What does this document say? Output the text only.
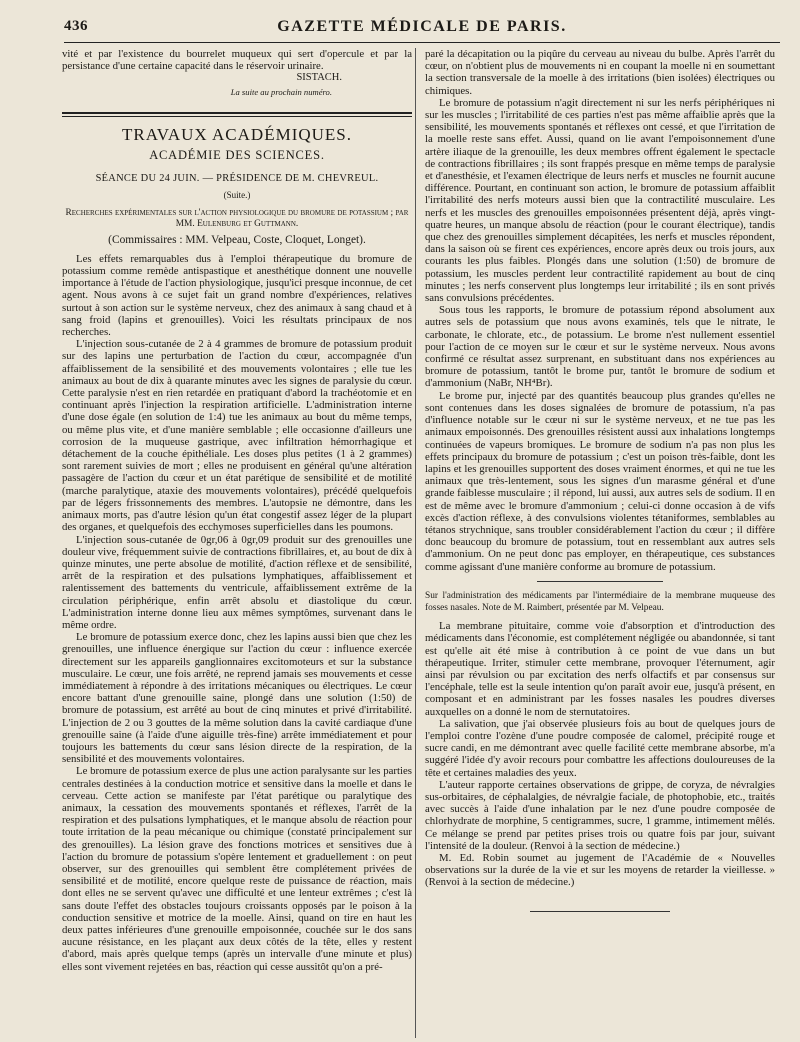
436	GAZETTE MÉDICALE DE PARIS.

vité et par l'existence du bourrelet muqueux qui sert d'opercule et par la persistance d'une certaine capacité dans le réservoir urinaire.

SISTACH.

La suite au prochain numéro.

TRAVAUX ACADÉMIQUES.
ACADÉMIE DES SCIENCES.
SÉANCE DU 24 JUIN. — PRÉSIDENCE DE M. CHEVREUL.
(Suite.)
Recherches expérimentales sur l'action physiologique du bromure de potassium ; par MM. Eulenburg et Guttmann.
(Commissaires : MM. Velpeau, Coste, Cloquet, Longet).

Les effets remarquables dus à l'emploi thérapeutique du bromure de potassium comme remède antispastique et anesthétique donnent une nouvelle importance à l'étude de l'action physiologique, jusqu'ici presque inconnue, de cet agent. Nous avons à ce sujet fait un grand nombre d'expériences, relatives surtout à son action sur le système nerveux, chez des animaux à sang chaud et à sang froid (lapins et grenouilles). Voici les résultats principaux de nos recherches.

L'injection sous-cutanée de 2 à 4 grammes de bromure de potassium produit sur des lapins une perturbation de l'action du cœur, accompagnée d'un affaiblissement de la sensibilité et des mouvements volontaires ; elle tue les animaux au bout de dix à quarante minutes avec les signes de paralysie du cœur. Cette paralysie n'est en rien retardée en pratiquant d'abord la trachéotomie et en continuant après l'injection la respiration artificielle. L'administration interne d'une dose égale (en solution de 1:4) tue les animaux au bout du même temps, ou même plus vite, et d'une manière semblable ; elle occasionne d'ailleurs une corrosion de la muqueuse gastrique, avec infiltration hémorrhagique et détachement de la couche épithéliale. Les doses plus petites (1 à 2 grammes) sont rarement suivies de mort ; elles ne produisent en général qu'une altération passagère de l'action du cœur et un état parétique de sensibilité et de motilité (marche paralytique, ataxie des mouvements volontaires), précédé quelquefois par de légers frissonnements des membres. L'autopsie ne démontre, dans les animaux morts, pas d'autre lésion qu'un état congestif assez léger de la plupart des organes, et quelquefois des ecchymoses superficielles dans les poumons.

L'injection sous-cutanée de 0gr,06 à 0gr,09 produit sur des grenouilles une douleur vive, fréquemment suivie de contractions fibrillaires, et, au bout de dix à quinze minutes, une perte absolue de motilité, d'action réflexe et de sensibilité, arrêt de la respiration et des pulsations lymphatiques, affaiblissement et ralentissement des battements du ventricule, affaiblissement extrême de la circulation périphérique, enfin arrêt absolu et diastolique du cœur. L'administration interne donne lieu aux mêmes symptômes, survenant dans le même ordre.

Le bromure de potassium exerce donc, chez les lapins aussi bien que chez les grenouilles, une influence énergique sur l'action du cœur : influence exercée directement sur les appareils ganglionnaires excitomoteurs et sur la substance musculaire. Le cœur, une fois arrêté, ne reprend jamais ses mouvements et cesse immédiatement à répondre à des irritations mécaniques ou électriques. Le cœur encore battant d'une grenouille saine, plongé dans une solution (1:50) de bromure de potassium, est arrêté au bout de cinq minutes et privé d'irritabilité. L'injection de 2 ou 3 gouttes de la même solution dans la cavité cardiaque d'une grenouille saine (à l'aide d'une aiguille très-fine) arrête immédiatement et pour toujours les battements du cœur sans lésion directe de la respiration, de la sensibilité et des mouvements volontaires.

Le bromure de potassium exerce de plus une action paralysante sur les parties centrales destinées à la conduction motrice et sensitive dans la moelle et dans le cerveau. Cette action se manifeste par l'état parétique ou paralytique des animaux, la cessation des mouvements spontanés et réflexes, l'arrêt de la respiration et des pulsations lymphatiques, et le manque absolu de réaction pour toute irritation de la peau mécanique ou chimique (constaté principalement sur des grenouilles). La lésion grave des fonctions motrices et sensitives due à l'action du bromure de potassium s'opère lentement et graduellement : on peut observer, sur des grenouilles qui semblent être complétement privées de sensibilité et de motilité, encore quelque reste de puissance de réaction, mais dont elles ne se servent qu'avec une difficulté et une lenteur extrêmes ; c'est là sans doute l'effet des obstacles toujours croissants opposés par le poison à la conduction sensitive et motrice de la moelle. Ainsi, quand on tire en haut les deux pattes inférieures d'une grenouille empoisonnée, couchée sur le dos sans aucune résistance, en les plaçant aux deux côtés de la tête, elles y restent d'abord, mais après quelque temps (après un intervalle d'une minute et plus) elles sont vivement rejetées en bas, réaction qui cesse aussitôt qu'on a pré-

paré la décapitation ou la piqûre du cerveau au niveau du bulbe. Après l'arrêt du cœur, on n'obtient plus de mouvements ni en coupant la moelle ni en soumettant la section transversale de la moelle à des irritations (bien isolées) électriques ou chimiques.

Le bromure de potassium n'agit directement ni sur les nerfs périphériques ni sur les muscles ; l'irritabilité de ces parties n'est pas même affaiblie après que la sensibilité, les mouvements spontanés et réflexes ont cessé, et que l'irritation de la moelle reste sans effet. Aussi, quand on lie avant l'empoisonnement d'une artère iliaque de la grenouille, les deux membres offrent également le spectacle de contractions fibrillaires ; ils sont frappés presque en même temps de paralysie et d'anesthésie, et l'examen électrique de leurs nerfs et muscles ne fournit aucune différence. Pourtant, en continuant son action, le bromure de potassium affaiblit l'irritabilité des nerfs moteurs aussi bien que la contractilité musculaire. Les nerfs et les muscles des grenouilles empoisonnées présentent déjà, après vingt-quatre heures, un manque absolu de réaction (pour le courant électrique), tandis que chez des grenouilles simplement décapitées, les nerfs et muscles répondent, dans la saison où se firent ces expériences, encore après deux ou trois jours, aux courants les plus faibles. Plongés dans une solution (1:50) de bromure de potassium, les muscles perdent leur contractilité rapidement au bout de cinq minutes ; les nerfs conservent plus longtemps leur irritabilité ; ils en sont privés sans convulsions précédentes.

Sous tous les rapports, le bromure de potassium répond absolument aux autres sels de potassium que nous avons examinés, tels que le nitrate, le carbonate, le chlorate, etc., de potassium. Le brome n'est nullement essentiel pour l'action de ce moyen sur le cœur et sur le système nerveux. Nous avons confirmé ce résultat assez surprenant, en substituant dans nos expériences au bromure de potassium, tantôt le brome pur, tantôt le bromure de sodium et d'ammonium (NaBr, NH⁴Br).

Le brome pur, injecté par des quantités beaucoup plus grandes qu'elles ne sont contenues dans les doses signalées de bromure de potassium, n'a pas d'influence notable sur le cœur ni sur le système nerveux, et ne tue pas les animaux empoisonnés. Des grenouilles résistent aussi aux inhalations longtemps continuées de vapeurs bromiques. Le bromure de sodium n'a pas non plus les effets principaux du bromure de potassium ; c'est un poison très-faible, dont les lapins et les grenouilles supportent des doses vraiment énormes, et qui ne tue les animaux que très-lentement, sous les signes d'un marasme général et d'une grande faiblesse musculaire ; il répond, lui aussi, aux autres sels de sodium. Il en est de même avec le bromure d'ammonium ; celui-ci donne occasion à de vifs excès d'action réflexe, à des convulsions violentes tétaniformes, semblables au tétanos strychnique, sans troubler considérablement l'action du cœur ; il diffère donc beaucoup du bromure de potassium, tout en ressemblant aux autres sels d'ammonium. On ne peut donc pas employer, en thérapeutique, ces substances comme agissant d'une manière conforme au bromure de potassium.

Sur l'administration des médicaments par l'intermédiaire de la membrane muqueuse des fosses nasales. Note de M. Raimbert, présentée par M. Velpeau.

La membrane pituitaire, comme voie d'absorption et d'introduction des médicaments dans l'économie, est complétement négligée ou abandonnée, si tant est qu'elle ait été mise à contribution à ce point de vue dans un but thérapeutique. Irriter, stimuler cette membrane, provoquer l'éternument, agir ainsi par révulsion ou par excitation des nerfs olfactifs et par consensus sur l'encéphale, telle est la seule intention qu'on paraît avoir eue, jusqu'à présent, en composant et en administrant par les fosses nasales les poudres diverses auxquelles on a donné le nom de sternutatoires.

La salivation, que j'ai observée plusieurs fois au bout de quelques jours de l'emploi contre l'ozène d'une poudre composée de calomel, précipité rouge et sucre candi, en me démontrant avec quelle facilité cette membrane absorbe, m'a suggéré l'idée d'y avoir recours pour combattre les affections douloureuses de la tête et certaines maladies des yeux.

L'auteur rapporte certaines observations de grippe, de coryza, de névralgies sus-orbitaires, de céphalalgies, de névralgie faciale, de photophobie, etc., traités avec succès à l'aide d'une inhalation par le nez d'une poudre composée de chlorhydrate de morphine, 5 centigrammes, sucre, 1 gramme, intimement mêlés. Ce mélange se prend par petites prises trois ou quatre fois par jour, suivant l'intensité de la douleur. (Renvoi à la section de médecine.)

M. Ed. Robin soumet au jugement de l'Académie de « Nouvelles observations sur la durée de la vie et sur les moyens de retarder la vieillesse. » (Renvoi à la section de médecine.)
